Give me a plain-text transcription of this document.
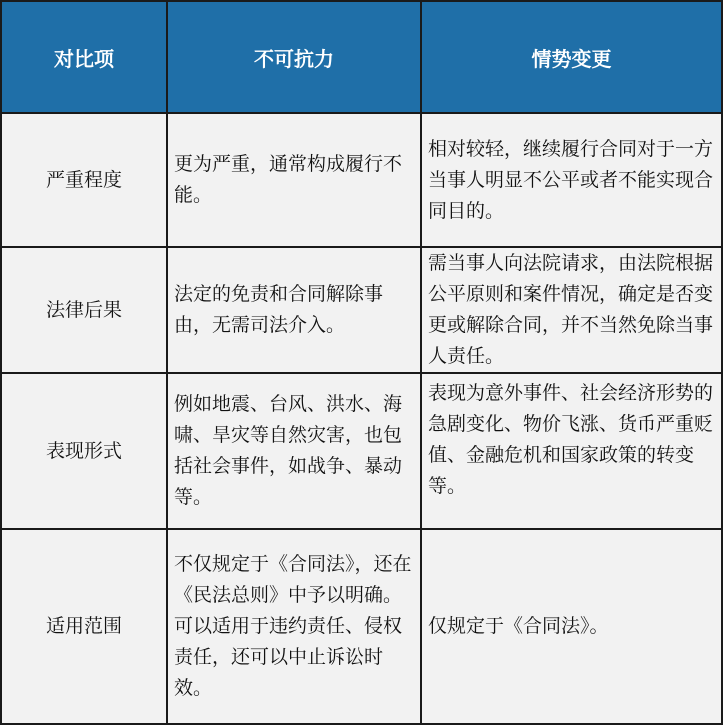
对比项	不可抗力	情势变更
严重程度	更为严重，通常构成履行不能。	相对较轻，继续履行合同对于一方当事人明显不公平或者不能实现合同目的。
法律后果	法定的免责和合同解除事由，无需司法介入。	需当事人向法院请求，由法院根据公平原则和案件情况，确定是否变更或解除合同，并不当然免除当事人责任。
表现形式	例如地震、台风、洪水、海啸、旱灾等自然灾害，也包括社会事件，如战争、暴动等。	表现为意外事件、社会经济形势的急剧变化、物价飞涨、货币严重贬值、金融危机和国家政策的转变等。
适用范围	不仅规定于《合同法》，还在《民法总则》中予以明确。可以适用于违约责任、侵权责任，还可以中止诉讼时效。	仅规定于《合同法》。
